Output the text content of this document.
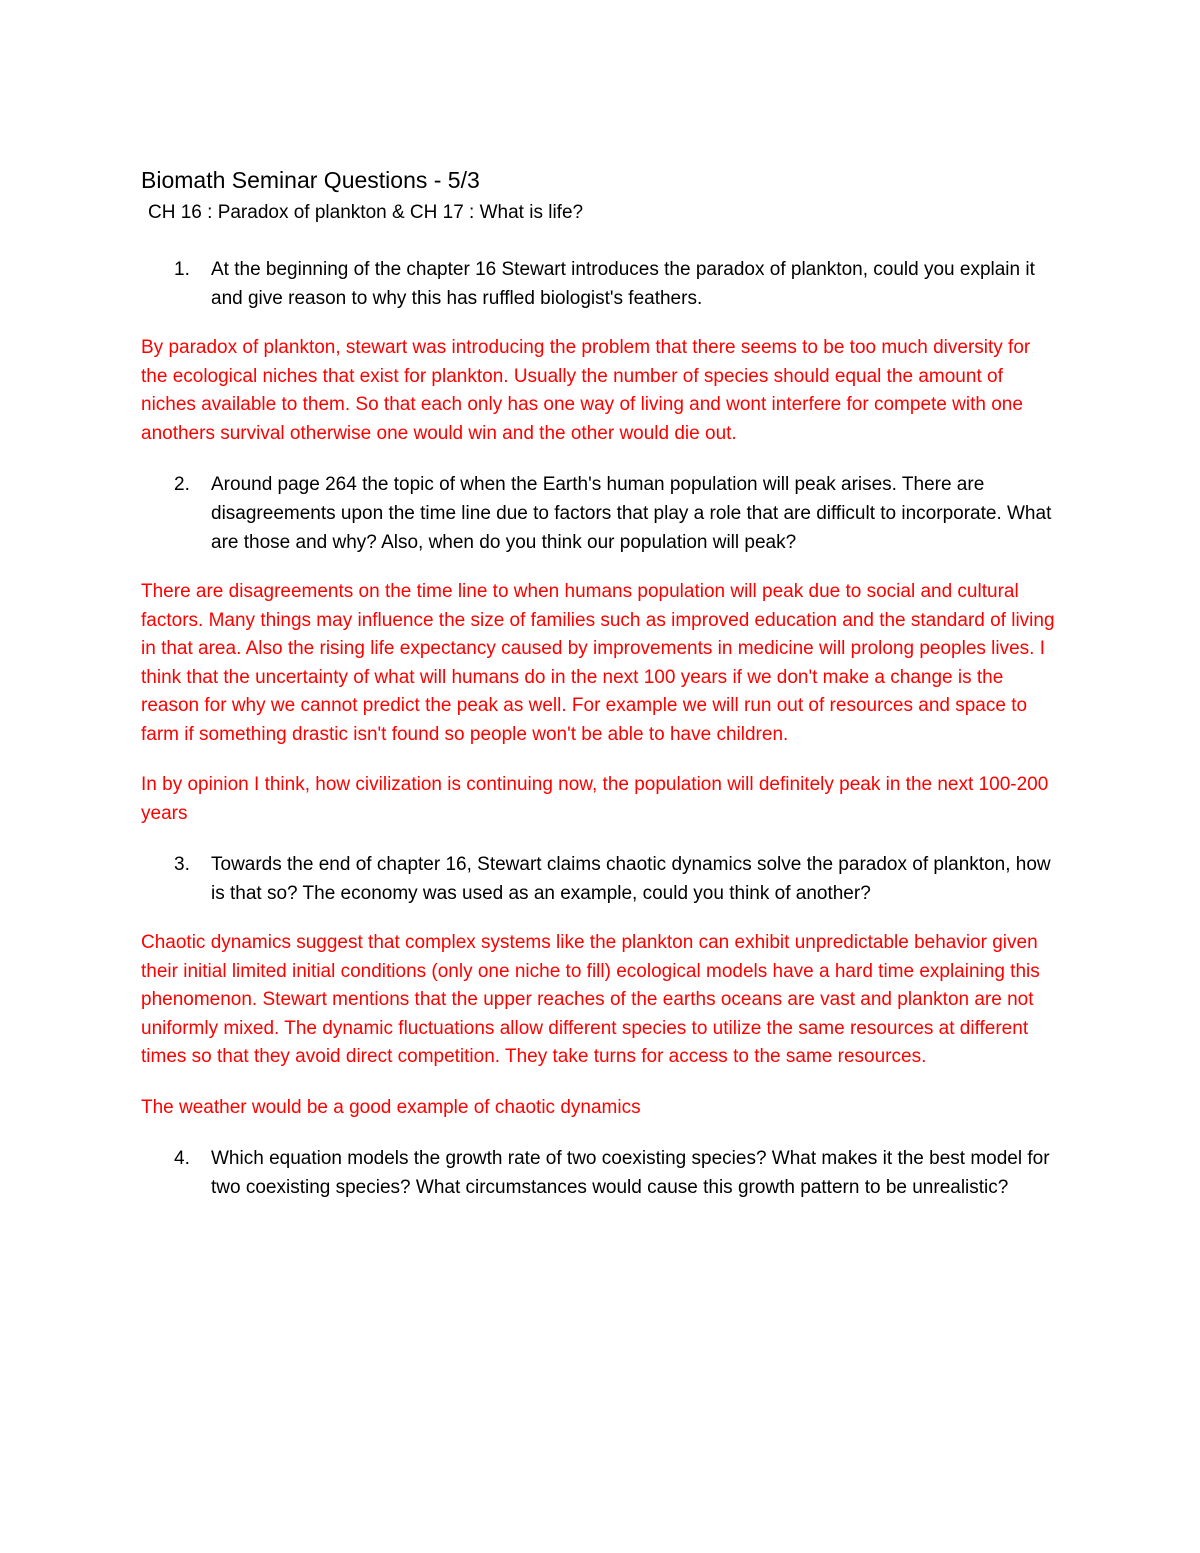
Biomath Seminar Questions - 5/3
CH 16 : Paradox of plankton & CH 17 : What is life?
1.	At the beginning of the chapter 16 Stewart introduces the paradox of plankton, could you explain it and give reason to why this has ruffled biologist's feathers.
By paradox of plankton, stewart was introducing the problem that there seems to be too much diversity for the ecological niches that exist for plankton. Usually the number of species should equal the amount of niches available to them. So that each only has one way of living and wont interfere for compete with one anothers survival otherwise one would win and the other would die out.
2.	Around page 264 the topic of when the Earth's human population will peak arises. There are disagreements upon the time line due to factors that play a role that are difficult to incorporate. What are those and why? Also, when do you think our population will peak?
There are disagreements on the time line to when humans population will peak due to social and cultural factors. Many things may influence the size of families such as improved education and the standard of living in that area. Also the rising life expectancy caused by improvements in medicine will prolong peoples lives. I think that the uncertainty of what will humans do in the next 100 years if we don't make a change is the reason for why we cannot predict the peak as well. For example we will run out of resources and space to farm if something drastic isn't found so people won't be able to have children.
In by opinion I think, how civilization is continuing now, the population will definitely peak in the next 100-200 years
3.	Towards the end of chapter 16, Stewart claims chaotic dynamics solve the paradox of plankton, how is that so? The economy was used as an example, could you think of another?
Chaotic dynamics suggest that complex systems like the plankton can exhibit unpredictable behavior given their initial limited initial conditions (only one niche to fill) ecological models have a hard time explaining this phenomenon. Stewart mentions that the upper reaches of the earths oceans are vast and plankton are not uniformly mixed. The dynamic fluctuations allow different species to utilize the same resources at different times so that they avoid direct competition. They take turns for access to the same resources.
The weather would be a good example of chaotic dynamics
4.	Which equation models the growth rate of two coexisting species? What makes it the best model for two coexisting species? What circumstances would cause this growth pattern to be unrealistic?
